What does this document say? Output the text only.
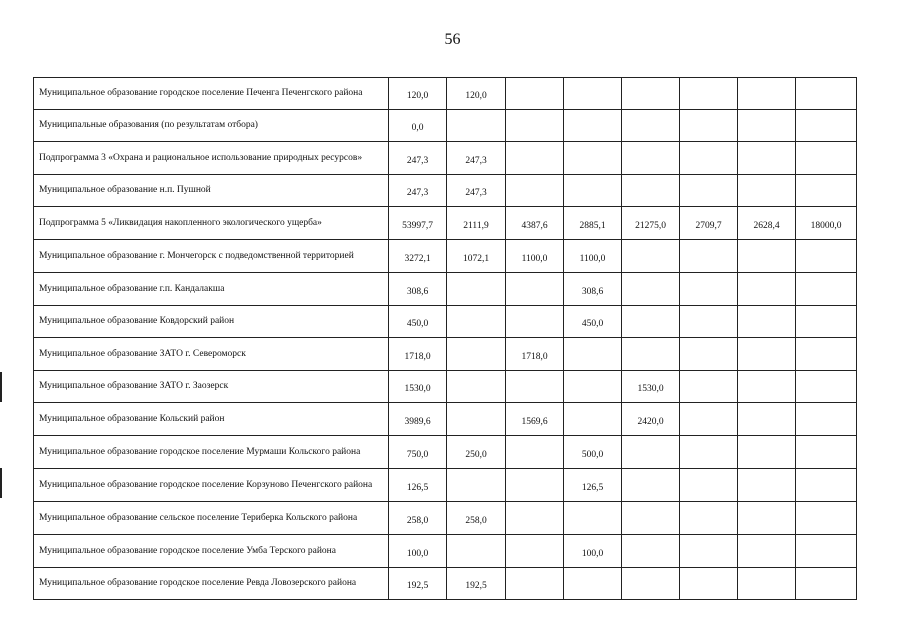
56
Муниципальное образование городское поселение Печенга Печенгского района	120,0	120,0						
Муниципальные образования (по результатам отбора)	0,0							
Подпрограмма 3 «Охрана и рациональное использование природных ресурсов»	247,3	247,3						
Муниципальное образование н.п. Пушной	247,3	247,3						
Подпрограмма 5 «Ликвидация накопленного экологического ущерба»	53997,7	2111,9	4387,6	2885,1	21275,0	2709,7	2628,4	18000,0
Муниципальное образование г. Мончегорск с подведомственной территорией	3272,1	1072,1	1100,0	1100,0				
Муниципальное образование г.п. Кандалакша	308,6			308,6				
Муниципальное образование Ковдорский район	450,0			450,0				
Муниципальное образование ЗАТО г. Североморск	1718,0		1718,0					
Муниципальное образование ЗАТО г. Заозерск	1530,0				1530,0			
Муниципальное образование Кольский район	3989,6		1569,6		2420,0			
Муниципальное образование городское поселение Мурмаши Кольского района	750,0	250,0		500,0				
Муниципальное образование городское поселение Корзуново Печенгского района	126,5			126,5				
Муниципальное образование сельское поселение Териберка Кольского района	258,0	258,0						
Муниципальное образование городское поселение Умба Терского района	100,0			100,0				
Муниципальное образование городское поселение Ревда Ловозерского района	192,5	192,5						
